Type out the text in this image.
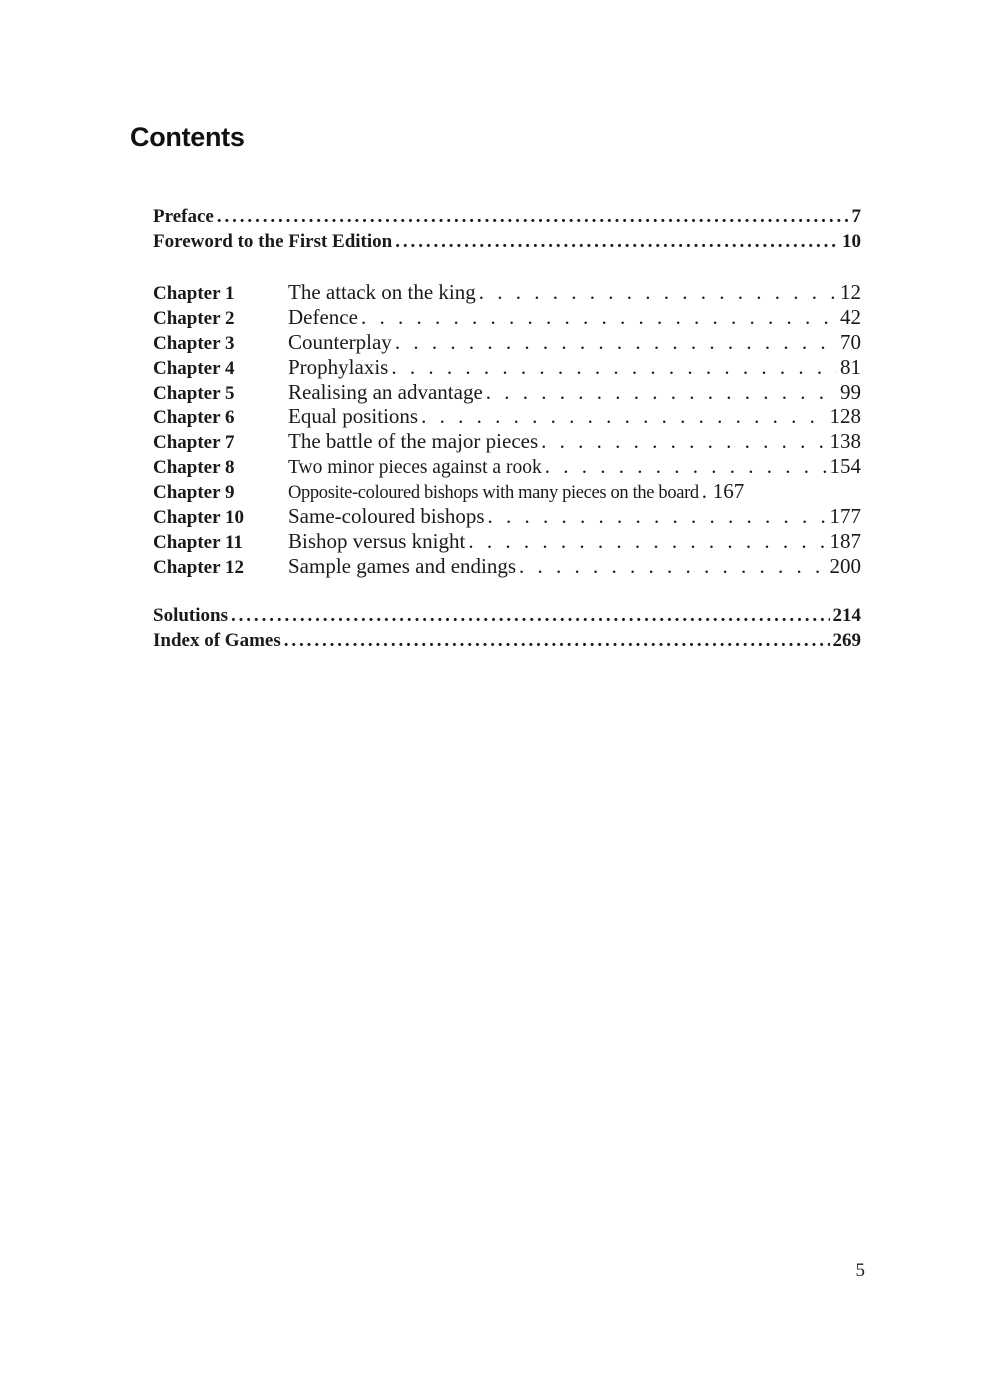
Contents
Preface .....	7
Foreword to the First Edition .....	10
Chapter 1	The attack on the king . . .	12
Chapter 2	Defence . . .	42
Chapter 3	Counterplay . . .	70
Chapter 4	Prophylaxis . . .	81
Chapter 5	Realising an advantage . . .	99
Chapter 6	Equal positions . . .	128
Chapter 7	The battle of the major pieces . . .	138
Chapter 8	Two minor pieces against a rook . . .	154
Chapter 9	Opposite-coloured bishops with many pieces on the board . . . 167
Chapter 10	Same-coloured bishops . . .	177
Chapter 11	Bishop versus knight . . .	187
Chapter 12	Sample games and endings . . .	200
Solutions .....	214
Index of Games .....	269
5
